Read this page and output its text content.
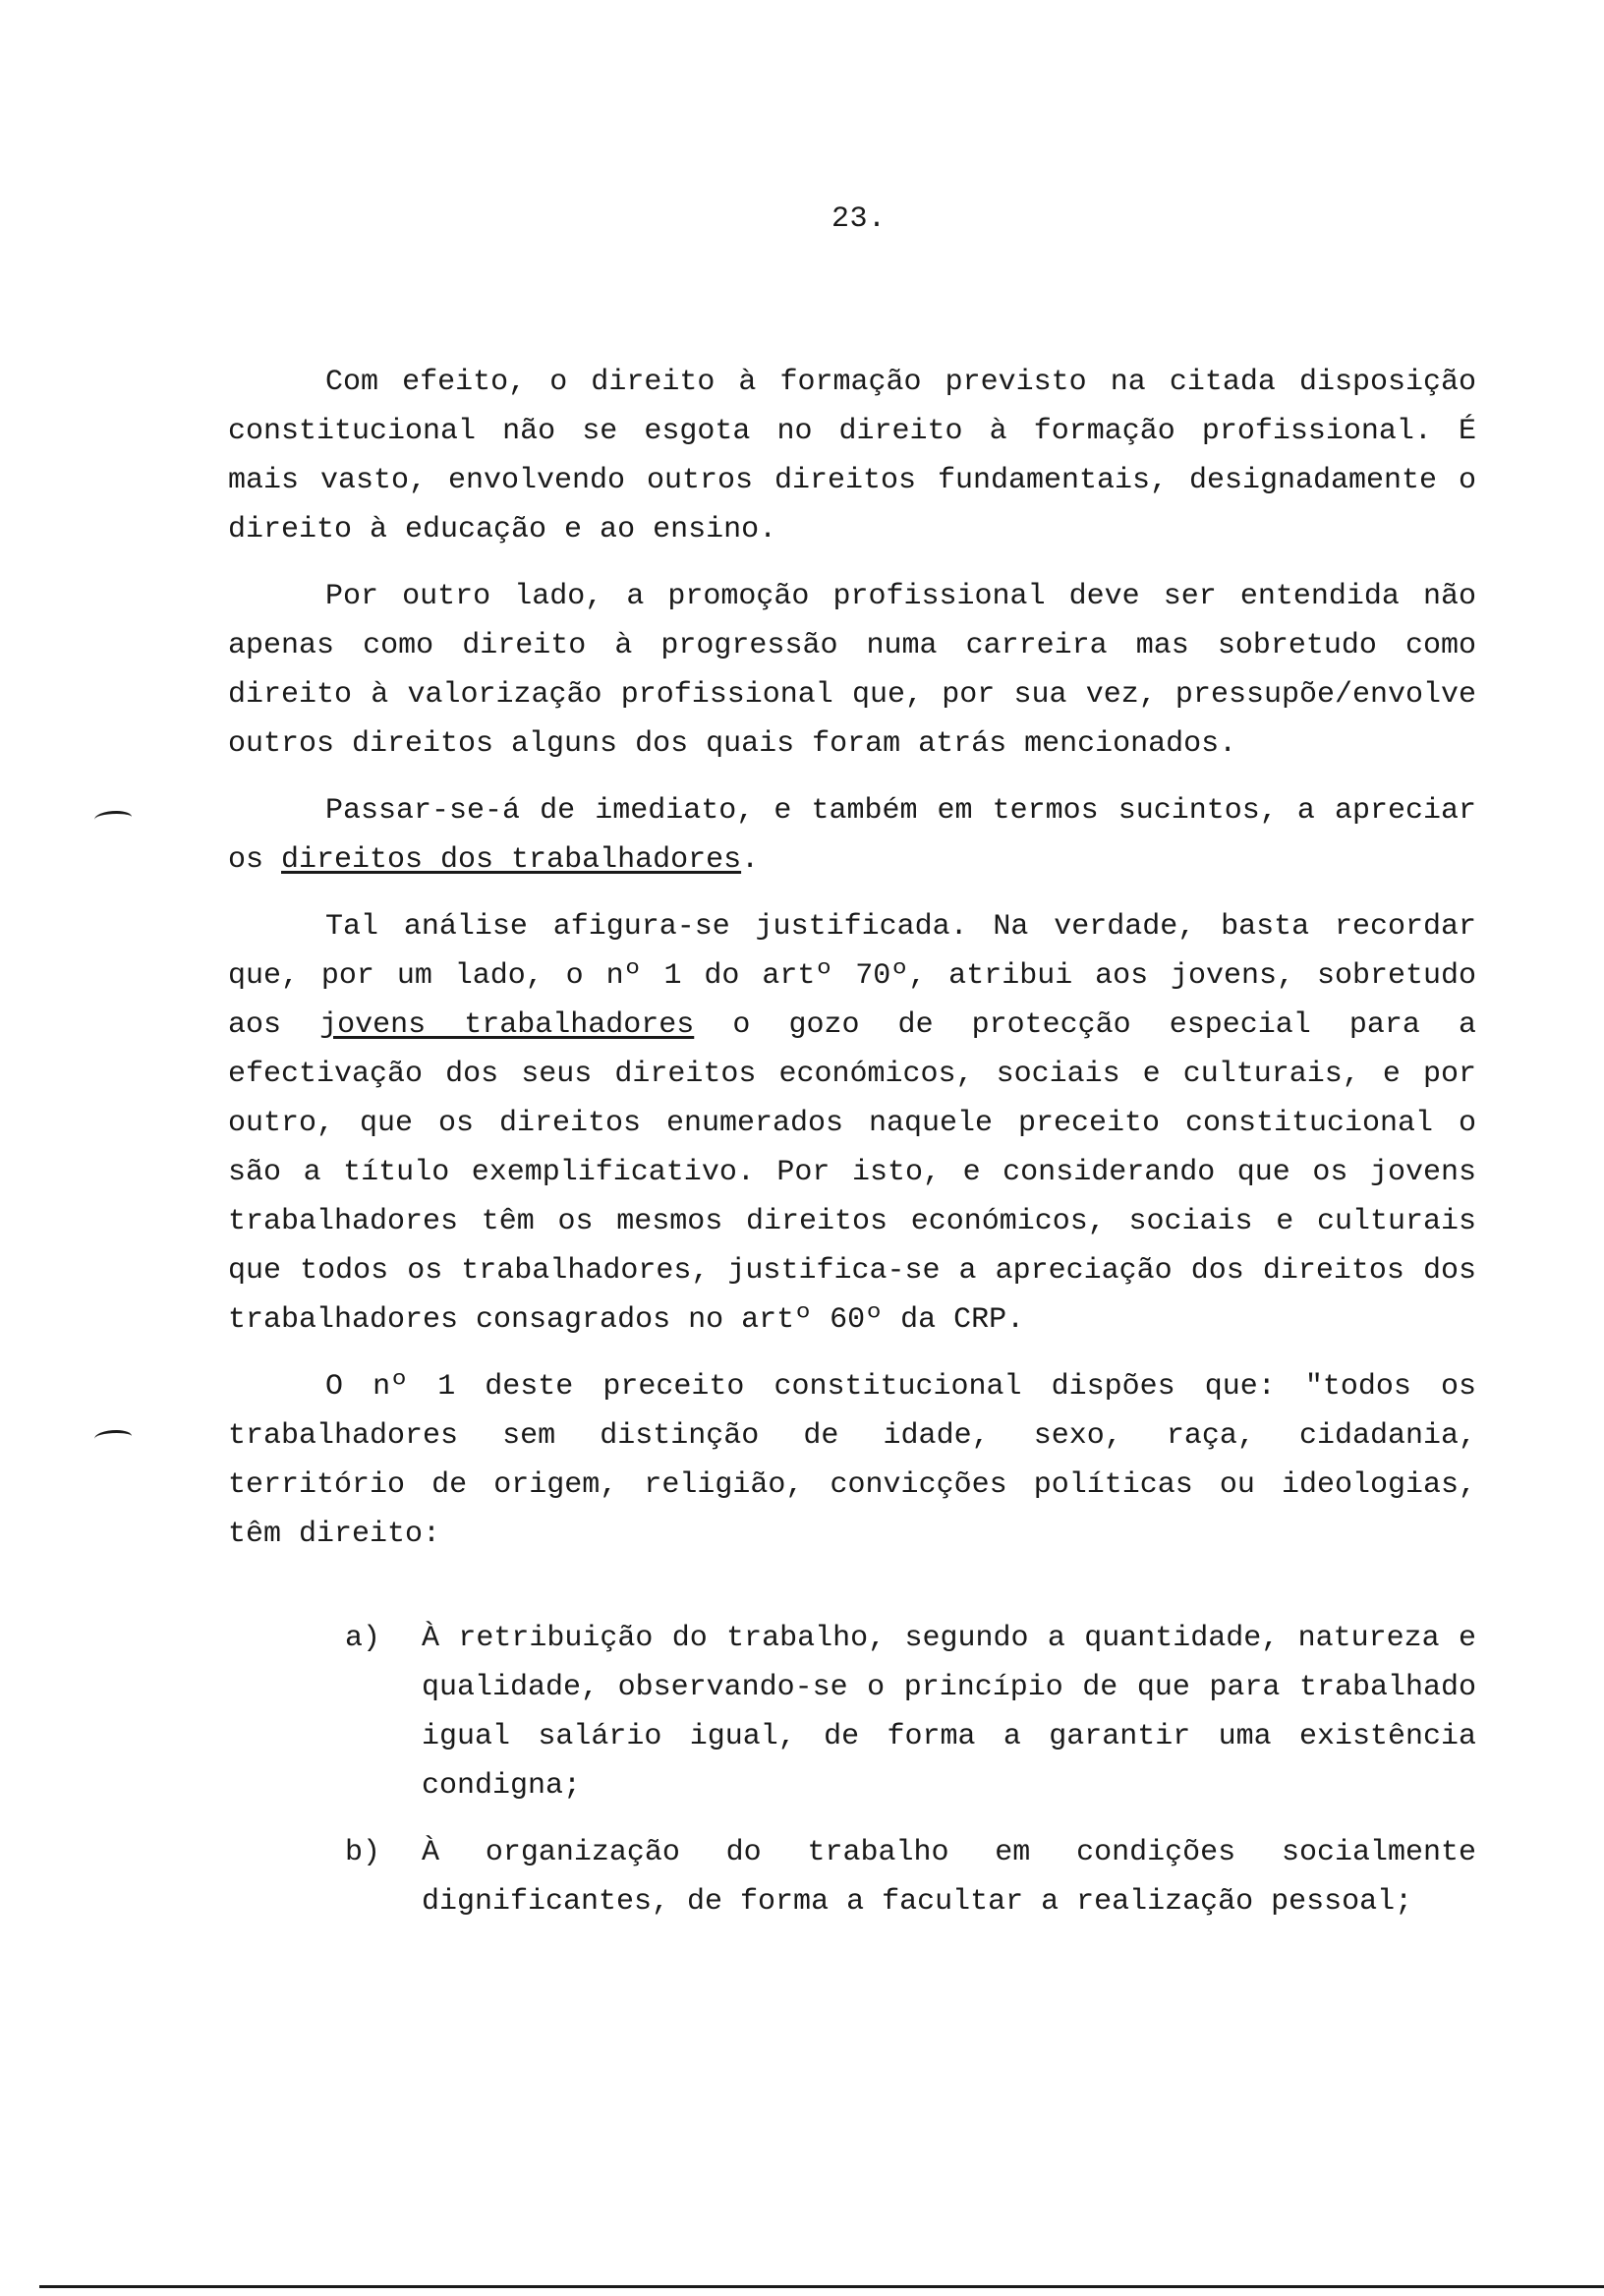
23.

Com efeito, o direito à formação previsto na citada disposição constitucional não se esgota no direito à formação profissional. É mais vasto, envolvendo outros direitos fundamentais, designadamente o direito à educação e ao ensino.

Por outro lado, a promoção profissional deve ser entendida não apenas como direito à progressão numa carreira mas sobretudo como direito à valorização profissional que, por sua vez, pressupõe/envolve outros direitos alguns dos quais foram atrás mencionados.

Passar-se-á de imediato, e também em termos sucintos, a apreciar os direitos dos trabalhadores.

Tal análise afigura-se justificada. Na verdade, basta recordar que, por um lado, o nº 1 do artº 70º, atribui aos jovens, sobretudo aos jovens trabalhadores o gozo de protecção especial para a efectivação dos seus direitos económicos, sociais e culturais, e por outro, que os direitos enumerados naquele preceito constitucional o são a título exemplificativo. Por isto, e considerando que os jovens trabalhadores têm os mesmos direitos económicos, sociais e culturais que todos os trabalhadores, justifica-se a apreciação dos direitos dos trabalhadores consagrados no artº 60º da CRP.

O nº 1 deste preceito constitucional dispões que: "todos os trabalhadores sem distinção de idade, sexo, raça, cidadania, território de origem, religião, convicções políticas ou ideologias, têm direito:

a) À retribuição do trabalho, segundo a quantidade, natureza e qualidade, observando-se o princípio de que para trabalhado igual salário igual, de forma a garantir uma existência condigna;
b) À organização do trabalho em condições socialmente dignificantes, de forma a facultar a realização pessoal;
